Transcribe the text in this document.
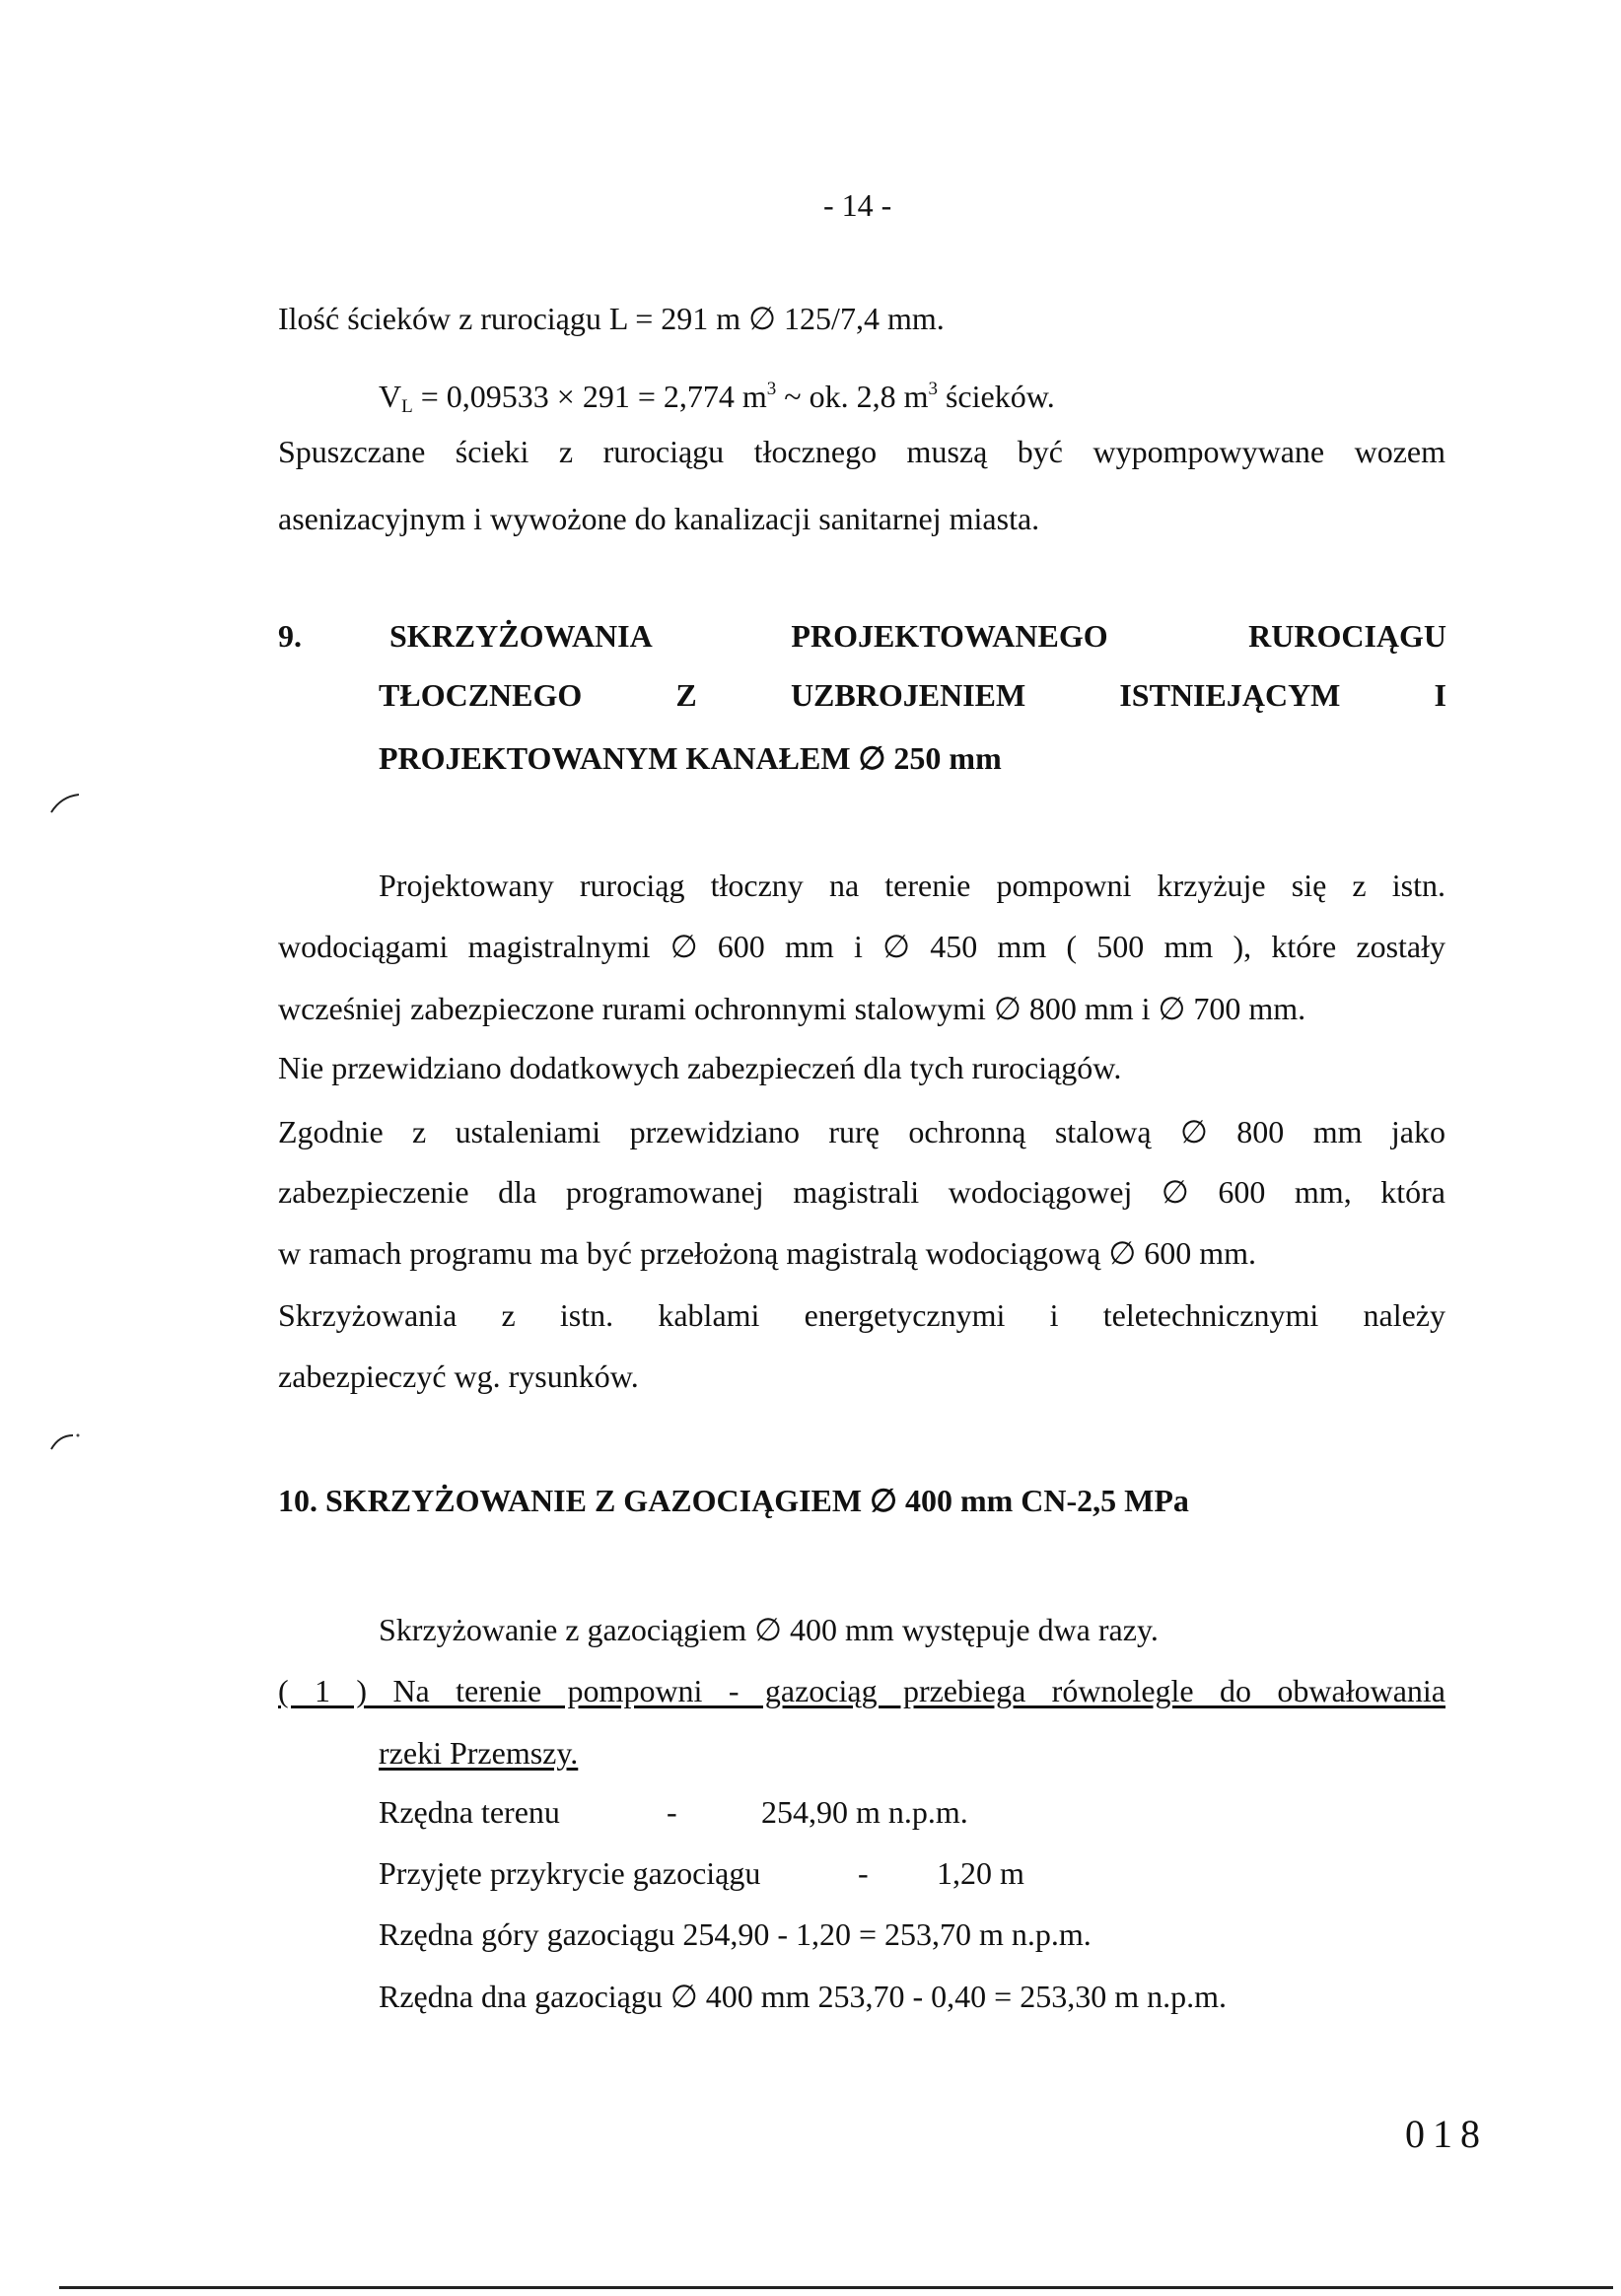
- 14 -
Ilość ścieków z rurociągu L = 291 m ∅ 125/7,4 mm.
$V_L = 0,09533 \times 291 = 2,774$ $m^3$ ~ ok. 2,8 $m^3$ ścieków.
Spuszczane ścieki z rurociągu tłocznego muszą być wypompowywane wozem
asenizacyjnym i wywożone do kanalizacji sanitarnej miasta.
9.	SKRZYŻOWANIA PROJEKTOWANEGO RUROCIĄGU
TŁOCZNEGO Z UZBROJENIEM ISTNIEJĄCYM I
PROJEKTOWANYM KANAŁEM ∅ 250 mm
Projektowany rurociąg tłoczny na terenie pompowni krzyżuje się z istn.
wodociągami magistralnymi ∅ 600 mm i ∅ 450 mm ( 500 mm ), które zostały
wcześniej zabezpieczone rurami ochronnymi stalowymi ∅ 800 mm i ∅ 700 mm.
Nie przewidziano dodatkowych zabezpieczeń dla tych rurociągów.
Zgodnie z ustaleniami przewidziano rurę ochronną stalową ∅ 800 mm jako
zabezpieczenie dla programowanej magistrali wodociągowej ∅ 600 mm, która
w ramach programu ma być przełożoną magistralą wodociągową ∅ 600 mm.
Skrzyżowania z istn. kablami energetycznymi i teletechnicznymi należy
zabezpieczyć wg. rysunków.
10. SKRZYŻOWANIE Z GAZOCIĄGIEM ∅ 400 mm CN-2,5 MPa
Skrzyżowanie z gazociągiem ∅ 400 mm występuje dwa razy.
( 1 ) Na terenie pompowni - gazociąg przebiega równolegle do obwałowania
rzeki Przemszy.
Rzędna terenu	-	254,90 m n.p.m.
Przyjęte przykrycie gazociągu	- 1,20 m
Rzędna góry gazociągu 254,90 - 1,20 = 253,70 m n.p.m.
Rzędna dna gazociągu ∅ 400 mm 253,70 - 0,40 = 253,30 m n.p.m.
018
